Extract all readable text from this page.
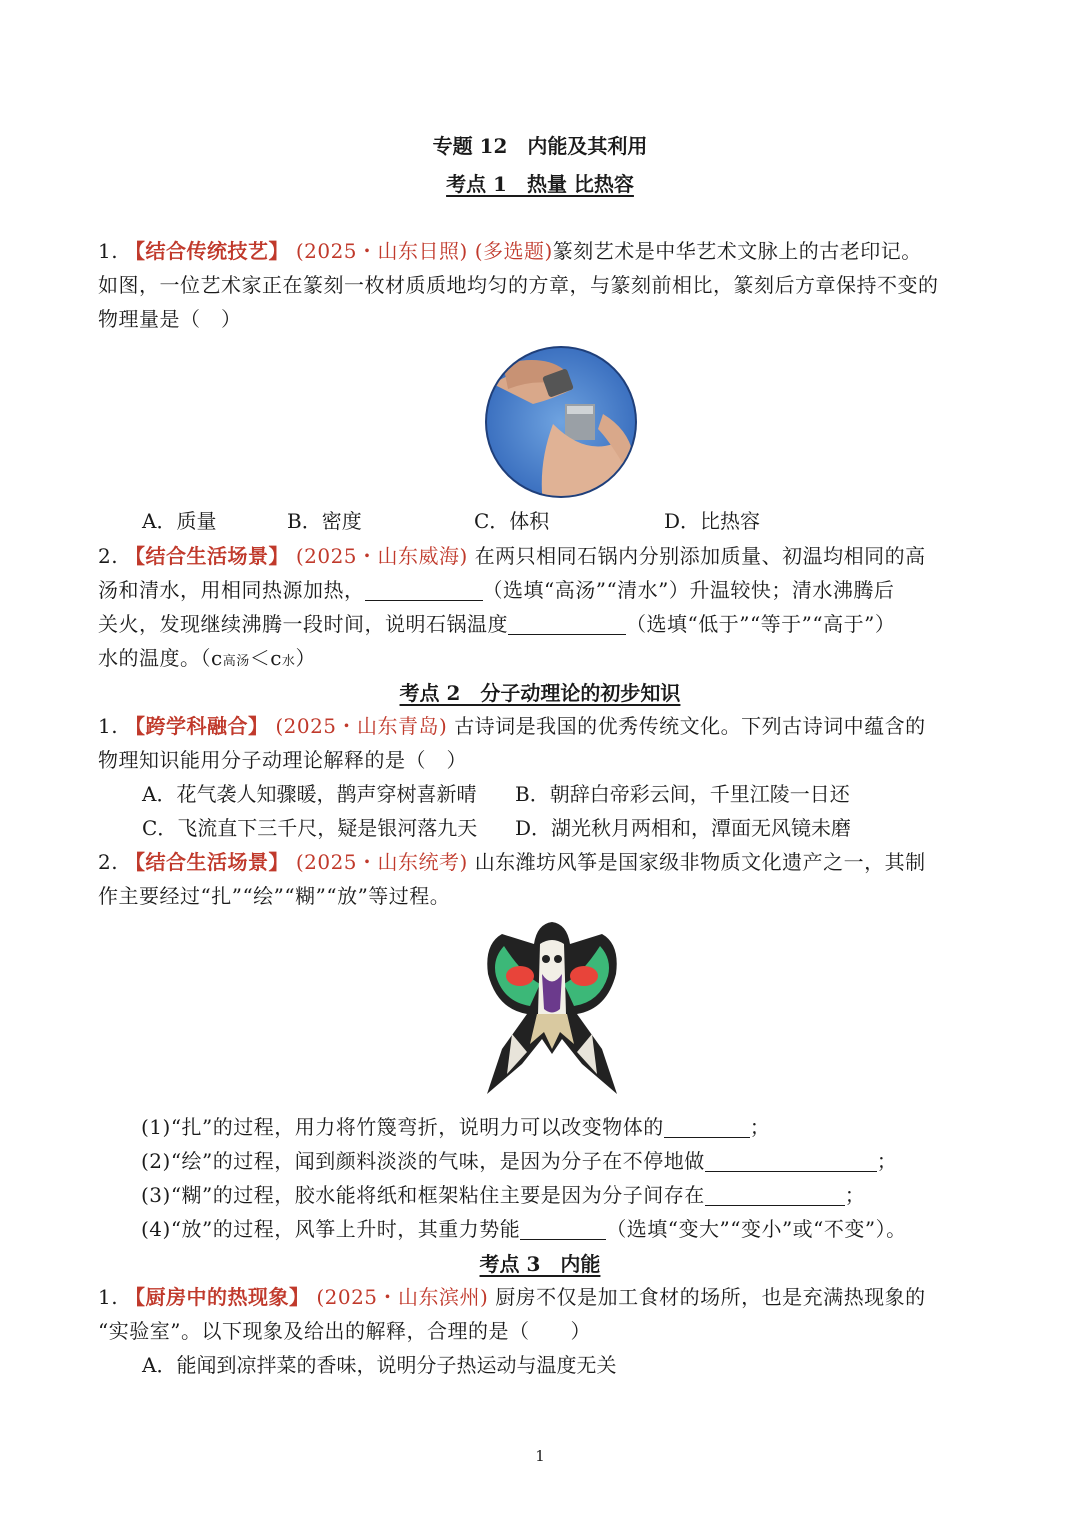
专题 12　内能及其利用
考点 1　热量 比热容
1. 【结合传统技艺】 (2025・山东日照) (多选题)篆刻艺术是中华艺术文脉上的古老印记。
如图，一位艺术家正在篆刻一枚材质质地均匀的方章，与篆刻前相比，篆刻后方章保持不变的
物理量是（　）
A．质量	B．密度	C．体积	D．比热容
2. 【结合生活场景】 (2025・山东威海) 在两只相同石锅内分别添加质量、初温均相同的高
汤和清水，用相同热源加热，	（选填“高汤”“清水”）升温较快；清水沸腾后
关火，发现继续沸腾一段时间，说明石锅温度	（选填“低于”“等于”“高于”）
水的温度。（c高汤＜c水）
考点 2　分子动理论的初步知识
1. 【跨学科融合】 (2025・山东青岛) 古诗词是我国的优秀传统文化。下列古诗词中蕴含的
物理知识能用分子动理论解释的是（　）
A．花气袭人知骤暖，鹊声穿树喜新晴 B．朝辞白帝彩云间，千里江陵一日还
C．飞流直下三千尺，疑是银河落九天 D．湖光秋月两相和，潭面无风镜未磨
2. 【结合生活场景】 (2025・山东统考) 山东潍坊风筝是国家级非物质文化遗产之一，其制
作主要经过“扎”“绘”“糊”“放”等过程。
(1)“扎”的过程，用力将竹篾弯折，说明力可以改变物体的	；
(2)“绘”的过程，闻到颜料淡淡的气味，是因为分子在不停地做	；
(3)“糊”的过程，胶水能将纸和框架粘住主要是因为分子间存在	；
(4)“放”的过程，风筝上升时，其重力势能	（选填“变大”“变小”或“不变”）。
考点 3　内能
1. 【厨房中的热现象】 (2025・山东滨州) 厨房不仅是加工食材的场所，也是充满热现象的
“实验室”。以下现象及给出的解释，合理的是（　　）
A．能闻到凉拌菜的香味，说明分子热运动与温度无关
1
